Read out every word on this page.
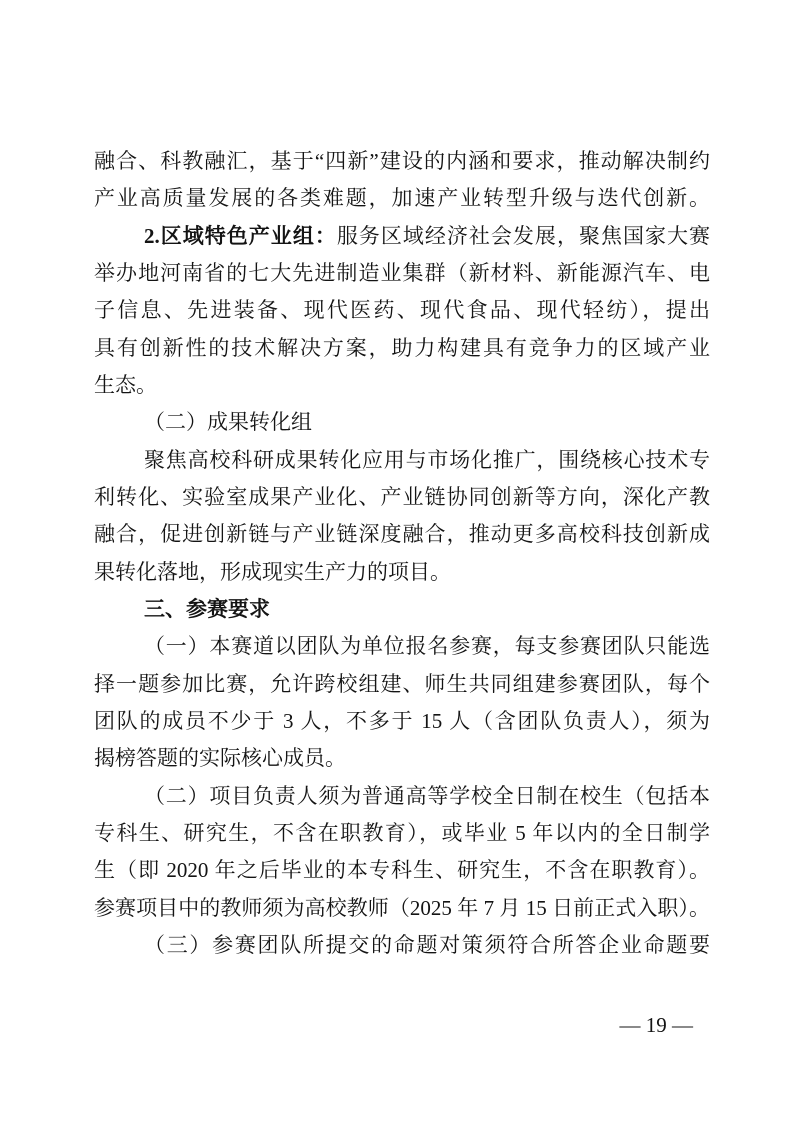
融合、科教融汇，基于“四新”建设的内涵和要求，推动解决制约
产业高质量发展的各类难题，加速产业转型升级与迭代创新。
2.区域特色产业组：服务区域经济社会发展，聚焦国家大赛
举办地河南省的七大先进制造业集群（新材料、新能源汽车、电
子信息、先进装备、现代医药、现代食品、现代轻纺），提出
具有创新性的技术解决方案，助力构建具有竞争力的区域产业
生态。
（二）成果转化组
聚焦高校科研成果转化应用与市场化推广，围绕核心技术专
利转化、实验室成果产业化、产业链协同创新等方向，深化产教
融合，促进创新链与产业链深度融合，推动更多高校科技创新成
果转化落地，形成现实生产力的项目。
三、参赛要求
（一）本赛道以团队为单位报名参赛，每支参赛团队只能选
择一题参加比赛，允许跨校组建、师生共同组建参赛团队，每个
团队的成员不少于 3 人，不多于 15 人（含团队负责人），须为
揭榜答题的实际核心成员。
（二）项目负责人须为普通高等学校全日制在校生（包括本
专科生、研究生，不含在职教育），或毕业 5 年以内的全日制学
生（即 2020 年之后毕业的本专科生、研究生，不含在职教育）。
参赛项目中的教师须为高校教师（2025 年 7 月 15 日前正式入职）。
（三）参赛团队所提交的命题对策须符合所答企业命题要
— 19 —
